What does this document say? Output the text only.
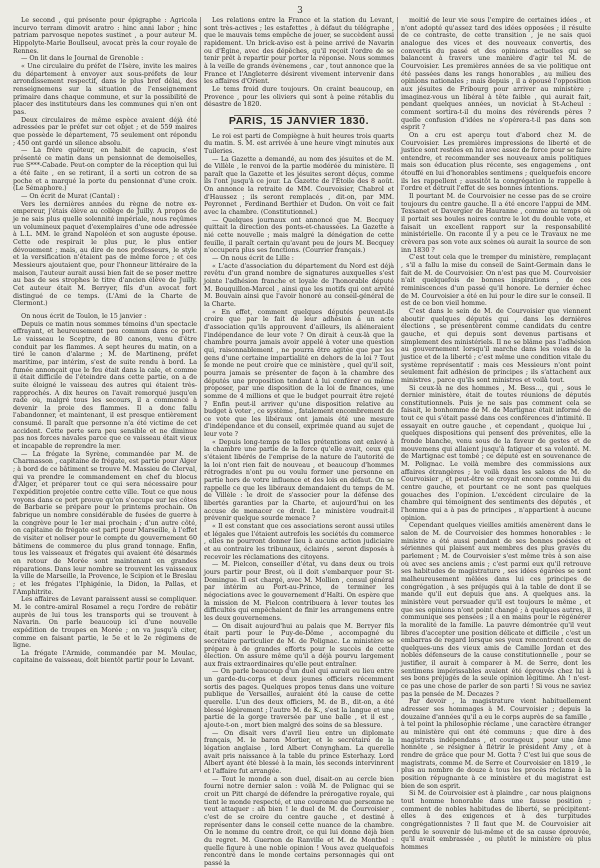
3

Le second , qui présente pour épigraphe : Agricola incurvo terram dimovit aratro : hinc anni labor ; hinc patriam parvosque nepotes sustinet , a pour auteur M. Hippolyte-Marie Boullseul, avocat près la cour royale de Rennes.

— On lit dans le Journal de Grenoble :

« Une circulaire du préfet de l'Isère, invite les maires du département à envoyer aux sous-préfets de leur arrondissement respectif, dans le plus bref délai, des renseignemens sur la situation de l'enseignement primaire dans chaque commune, et sur la possibilité de placer des instituteurs dans les communes qui n'en ont pas.

Deux circulaires de même espèce avaient déjà été adressées par le préfet sur cet objet ; et de 559 maires que possède le département, 75 seulement ont répondu ; 450 ont gardé un silence absolu.

— La frère quêteur, en habit de capucin, s'est présenté ce matin dans un pensionnat de demoiselles, rue S***-Cabade. Peut-on compter de la réception qui lui a été faite , en se retirant, il a sorti un cotron de sa poche et a marqué la porte du pensionnat d'une croix. (Le Sémaphore.)

— On écrit de Murat (Cantal) :

Vers les dernières années du règne de notre ex-empereur, j'étais élève au collège de Juilly. A propos de je ne sais plus quelle solennité impériale, nous reçûmes un volumineux paquet d'exemplaires d'une ode adressée à L.L. MM. le grand Napoléon et son auguste épouse. Cette ode respirait le plus pur, le plus entier dévouement ; mais, au dire de nos professeurs, le style et la versification n'étaient pas de même force ; et ces Messieurs ajoutaient que, pour l'honneur littéraire de la maison, l'auteur aurait aussi bien fait de se poser mettre au bas de ses strophes le titre d'ancien élève de Juilly. Cet auteur était M. Berryer, fils d'un avocat fort distingué de ce temps. (L'Ami de la Charte de Clermont.)

On nous écrit de Toulon, le 15 janvier :

Depuis ce matin nous sommes témoins d'un spectacle effrayant, et heureusement peu commun dans ce port. Le vaisseau le Sceptre, de 80 canons, venu d'être conduit par les flammes. A sept heures du matin, on a tiré le canon d'alarme ; M. de Martineng, préfet maritime, par intérim, s'est de suite rendu à bord. La fumée annonçait que le feu était dans la cale, et comme il était difficile de l'éteindre dans cette partie, on a de suite éloigné le vaisseau des autres qui étaient très-rapprochés. A dix heures on l'avait remorqué jusqu'en rade où, malgré tous les secours, il a commencé à devenir la proie des flammes. Il a donc fallu l'abandonner, et maintenant, il est presque entièrement consumé. Il paraît que personne n'a été victime de cet accident. Cette perte sera peu sensible et ne diminue pas nos forces navales parce que ce vaisseau était vieux et incapable de reprendre la mer.

— La frégate la Syrène, commandée par M. de Charmasson , capitaine de frégate, est partie pour Alger ; à bord de ce bâtiment se trouve M. Massieu de Clerval, qui va prendre le commandement en chef du blocus d'Alger, et préparer tout ce qui sera nécessaire pour l'expédition projetée contre cette ville. Tout ce que nous voyons dans ce port prouve qu'on s'occupe sur les côtes de Barbarie se prépare pour le printems prochain. On fabrique un nombre considérable de fusées de guerre à la congrève pour le 1er mai prochain ; d'un autre côté, on capitaine de frégate est parti pour Marseille, à l'effet de visiter et noliser pour le compte du gouvernement 60 bâtimens de commerce du plus grand tonnage. Enfin, tous les vaisseaux et frégates qui avaient été désarmés en retour de Morée sont maintenant en grandes réparations. Dans leur nombre se trouvent les vaisseaux la ville de Marseille, la Provence, le Scipion et le Breslau ; et les frégates l'Iphigénie, la Didon, la Pallas, et l'Amphitrite.

Les affaires de Levant paraissent aussi se compliquer. M. le contre-amiral Rosamel a reçu l'ordre de rebâtir auprès de lui tous les transports qui se trouvent à Navarin. On parle beaucoup ici d'une nouvelle expédition de troupes en Morée ; on va jusqu'à citer, comme en faisant partie, le 5e et le 2e régimens de ligne.

La frégate l'Armide, commandée par M. Moulac, capitaine de vaisseau, doit bientôt partir pour le Levant.

Les relations entre la France et la station du Levant, sont très-actives ; les estafettes , à défaut du télégraphe , que le mauvais tems empêche de jouer, se succèdent aussi rapidement. Un brick-aviso est à peine arrivé de Navarin ou d'Égine, avec des dépêches, qu'il reçoit l'ordre de se tenir prêt à repartir pour porter la réponse. Nous sommes à la veille de grands évènemens , car , tout annonce que la France et l'Angleterre désirent vivement intervenir dans les affaires d'Orient.

Le tems froid dure toujours. On craint beaucoup, en Provence , pour les oliviers qui sont à peine rétablis du désastre de 1820.

PARIS, 15 JANVIER 1830.

Le roi est parti de Compiègne à huit heures trois quarts du matin. S. M. est arrivée à une heure vingt minutes aux Tuileries.

— La Gazette a demandé, au nom des jésuites et de M. de Villèle , le renvoi de la partie modérée du ministère. Il paraît que la Gazette et les jésuites seront déçus, comme ils l'ont jusqu'à ce jour. La Gazette de l'Étoile des 8 août. On annonce la retraite de MM. Courvoisier, Chabrol et d'Haussez ; ils seront remplacés , dit-on, par MM. Peyronnet , Ferdinand Berthier et Dudon. On voit ce fait avec la chambre. (Constitutionnel.)

— Quelques journaux ont annoncé que M. Becquey quittait la direction des ponts-et-chaussées. La Gazette a nié cette nouvelle ; mais malgré la dénégation de cette feuille, il paraît certain qu'avant peu de jours M. Becquey n'occupera plus ses fonctions. (Courrier français.)

— On nous écrit de Lille :

« L'acte d'association du département du Nord est déjà revêtu d'un grand nombre de signatures auxquelles s'est jointe l'adhésion franche et loyale de l'honorable député M. Bouquillon-Marcel , ainsi que les motifs qui ont arrêté M. Bouvain ainsi que l'avoir honoré au conseil-général de la Charte.

« En effet, comment quelques députés peuvent-ils croire que par le fait de leur adhésion à un acte d'association qu'ils approuvent d'ailleurs, ils aliéneraient l'indépendance de leur vote ? On dirait à ceux-là que la chambre pourra jamais avoir appelé à voter une question qui, raisonnablement , ne pourra être agitée que par les gens d'une certaine impartialité en dehors de la loi ? Tout le monde ne peut croire que ce ministère , quel qu'il soit, pourra jamais se présenter de façon à la chambre des députés une proposition tendant à lui conférer ou même proposer, par une disposition de la loi de finances, une somme de 4 millions et que le budget pourrait être rejeté ? Enfin peut-il arriver qu'une disposition relative au budget à voter , ce système , fatalement encombrement de ce vote que les libéraux ont jamais été une mesure d'indépendance et du conseil, exprimée quand au sujet de leur vote ?

« Depuis long-temps de telles prétentions ont enlevé à la chambre une partie de la force qu'elle avait, ceux qui s'étaient libérés de l'emprise de la nature de l'autorité de la loi n'ont rien fait de nouveau , et beaucoup d'hommes rétrogrades n'ont pu ou voulu former une personne en partie hors de votre influence et des lois en défaut. On se rappelle ce que les libéraux demandaient du temps de M. de Villèle : le droit de s'associer pour la défense des libertés garanties par la Charte, et aujourd'hui on les accuse de menacer ce droit. Le ministère voudrait-il prévenir quelque sourde menace ?

« Il est constant que ces associations seront aussi utiles et légales que l'étaient autrefois les sociétés du commerce , elles ne pourront donner lieu à aucune action judiciaire et au contraire les tribunaux, éclairés , seront disposés à recevoir les réclamations des citoyens.

— M. Pielcon, conseiller d'état, vu dans deux ou trois jours partir pour Brest, où il doit s'embarquer pour St-Domingue. Il est chargé, avec M. Mollien , consul général par intérim au Port-au-Prince, de terminer les négociations avec le gouvernement d'Haïti. On espère que la mission de M. Pielcon contribuera à lever toutes les difficultés qui empêchaient de finir les arrangemens entre les deux gouvernemens.

— On disait aujourd'hui au palais que M. Berryer fils était parti pour le Puy-de-Dôme , accompagné du secrétaire particulier de M. de Polignac. Le ministère se prépare à de grandes efforts pour le succès de cette élection. On assure même qu'il a déjà pourvu largement aux frais extraordinaires qu'elle peut entraîner.

— On parle beaucoup d'un duel qui aurait eu lieu entre un garde-du-corps et deux jeunes officiers récemment sortis des pages. Quelques propos tenus dans une voiture publique de Versailles, auraient été la cause de cette querelle. L'un des deux officiers, M. de B., dit-on, a été blessé légèrement ; l'autre M. de K., s'est la langue et une partie de la gorge traversée par une balle , et il est , ajoute-t-on , mort bien malgré des soins de sa blessure.

— On disait vers d'avril lieu entre un diplomate français, M. le baron Mortier, et le secrétaire de la légation anglaise , lord Albert Conyngham. La querelle avait pris naissance à la table du prince Esterhazy. Lord Albert ayant été blessé à la main, les seconds intervinrent et l'affaire fut arrangée.

— Tout le monde a son duel, disait-on au cercle bien fourni notre dernier salon : voilà M. de Polignac qui se croit un Pitt chargé de défendre la prérogative royale, qui tient le monde respecté, et une couronne que personne ne veut attaquer : ah bien ! le duel de M. de Courvoisier , c'est de se croire du centre gauche , et destiné à représenter dans le conseil cette nuance de la chambre. On le nomme du centre droit, ce qui lui donne déjà bien du regret. M. Guernon de Ranville et M. de Montbel : quelle figure à une noble opinion ! Vous avez quelquefois rencontré dans le monde certains personnages qui ont passé la

moitié de leur vie sous l'empire de certaines idées , et n'ont adopté qu'assez tard des idées opposées ; il résulte de ce contraste, de cette transition , je ne sais quoi analogue des vices et des nouveaux convertis, des convertis du passé et des opinions actuelles qui se balancent à travers une manière d'agir tel M. de Courvoisier. Les premières années de sa vie politique ont été passées dans les rangs honorables , au milieu des opinions nationales ; mais depuis , il a épousé l'opposition aux jésuites de Fribourg pour arriver au ministère ; imaginez-vous un libéral à tête faible , qui aurait fait, pendant quelques années, un noviciat à St-Acheul : comment sortira-t-il du moins des révérends pères ? quelle confusion d'idées ne s'opérera-t-il pas dans son esprit ?

On a cru est aperçu tout d'abord chez M. de Courvoisier. Les premières impressions de liberté et de justice sont restées en lui avec assez de force pour se faire entendre, et recommander ses nouveaux amis politiques mais son éducation plus récente, ses engagemens , ont étouffé en lui d'honorables sentimens ; quelquefois encore ils les rappellent ; aussitôt la congrégation le rappelle à l'ordre et détruit l'effet de ses bonnes intentions.

Il pourtant M. de Courvoisier ne cesse pas de se croire toujours du centre gauche. Il a été encore l'appui de MM. Texsanet et Davergier de Hauranne , comme au temps où il portait ses boules noires contre le lot du double vote, et faisait un excellent rapport sur la responsabilité ministérielle. On raconte il y a peu ce le Travaux ne me crèvera pas son vote aux scènes où aurait la source de son inn 1830 ?

C'est tout cela que le tremper du ministère, remplaçant , s'il a fallu la mise du conseil de Saint-Germain dans le fait de M. de Courvoisier. On n'est pas que M. Courvoisier n'ait quelquefois de bonnes inspirations , de ces reminiscences d'un passé qu'il honore. Le dernier échec de M. Courvoisier a été en lui pour le dire sur le conseil. Il est de ce bon vieil homme.

C'est dans le sein de M. de Courvoisier que viennent aboutir quelques députés qui , dans les dernières élections , se présentèrent comme candidats du centre gauche, et qui depuis sont devenus partisans et simplement des ministériels. Il ne se blâme pas l'adhésion au gouvernement lorsqu'il marche dans les voies de la justice et de la liberté ; c'est même une condition vitale du système représentatif : mais ces Messieurs n'ont point seulement fait adhésion de principes ; ils s'attachent aux ministres , parce qu'ils sont ministres et voilà tout.

Si ceux-là ne des hommes , M. Bess…, qui , sous le dernier ministère, était de toutes réunions de députés constitutionnels. Puis je ne sais pas comment cela se faisait, le bonhomme de M. de Martignac était informé de tout ce qui s'était passé dans ces conférences d'intimité. Il essayait en outre gauche , et cependant , quoique lui , quelques dispositions qui pensent des prévenites, elle la fronde blanche, venu sous de la faveur de gestes et de mouvemens qui allaient jusqu'à fatiguer et sa volonté. M. de Martignac est tombé ; ce député est en souvenance de M. Polignac. Le voilà membre des commissions aux affaires étrangères ; le voilà dans les salons de M. de Courvoisier , et peut-être se croyait encore comme lui du centre gauche, et pourtant ce ne sont pas quelques gouaches des l'opinion. L'excédent circulaire de la chambre qui témoignent des sentiments des députés , et l'homme qui a à pas de principes , n'appartient à aucune opinion.

Cependant quelques vieilles amitiés amenèrent dans le salon de M. de Courvoisier des hommes honorables : le ministre a été aussi pendant de ses bonnes poésies et sériennes qui plaisent aux membres des plus gravés du parlement ; M. de Courvoisier s'est même très à son aise où avec ses anciens amis ; c'est parmi eux qu'il retrouve ses habitudes de magistrature , ses idées égarées se sont malheureusement mêlées dans lui ces principes de congrégation , à ses préjugés qui à la table de dont il se mande qu'il eut depuis que ans. A quelques ans. la ministère veut persuader qu'il est toujours le même , et que ses opinions n'ont point changé ; à quelques autres, il communique ses pensées ; il a en mains pour le régénérer la moralité de la famille. La pauvre démontrée qu'il veut libres d'accepter une position délicate et difficile , c'est un embarras de regard lorsque ses yeux rencontrent ceux de quelques-uns des vieux amis de Camille Jordan et des nobles défenseurs de la cause constitutionnelle , pour se justifier, il aurait à comparer à M. de Serre, dont les sentimens impérissables avaient été éprouvés chez lui à ses bons préjugés de la seule opinion légitime. Ah ! n'est-ce pas une chose de parler de son parti ! Si vous ne saviez pas la pensée de M. Decazes ?

Par devoir , la magistrature vient habituellement adresser ses hommages à M. Courvoisier ; depuis la douzaine d'années qu'il a eu le corps auprès de sa famille , à tel point la philosophie réclame , une caractère étranger au ministère qui ont été communs ; que dire à des magistrats indépendans , et courageux , pour une âme honnête , se résigner à flétrir le président Amy , et à rendre de grâce que pour M. Gotta ? C'est lui que sous de magistrats, comme M. de Serre et Courvoisier en 1819 , le plus au nombre de douze à tous les procès réclame à la position répugnante à ce ministère et du magistrat est bien de son esprit.

Si M. de Courvoisier est à plaindre , car nous plaignons tout homme honorable dans une fausse position ; comment de nobles habitudes de liberté, se précipitent-elles à des exigences et à des turpitudes congrégationnistes ? Il faut que M. de Courvoisier ait perdu le souvenir de lui-même et de sa cause éprouvée, qu'il avait embrassée , ou plutôt le ministère où plus hommes
